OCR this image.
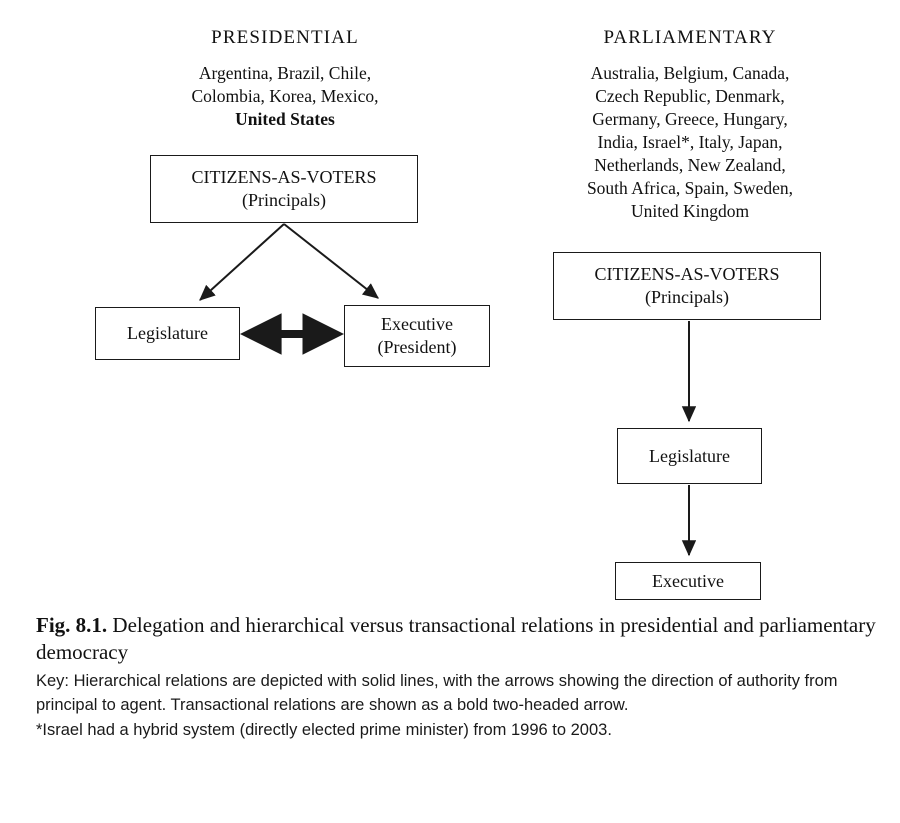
PRESIDENTIAL
Argentina, Brazil, Chile,
Colombia, Korea, Mexico,
United States
CITIZENS-AS-VOTERS
(Principals)
Legislature	Executive
(President)
PARLIAMENTARY
Australia, Belgium, Canada,
Czech Republic, Denmark,
Germany, Greece, Hungary,
India, Israel*, Italy, Japan,
Netherlands, New Zealand,
South Africa, Spain, Sweden,
United Kingdom
CITIZENS-AS-VOTERS
(Principals)
Legislature
Executive
Fig. 8.1. Delegation and hierarchical versus transactional relations in presidential and parliamentary democracy
Key: Hierarchical relations are depicted with solid lines, with the arrows showing the direction of authority from principal to agent. Transactional relations are shown as a bold two-headed arrow.
*Israel had a hybrid system (directly elected prime minister) from 1996 to 2003.
